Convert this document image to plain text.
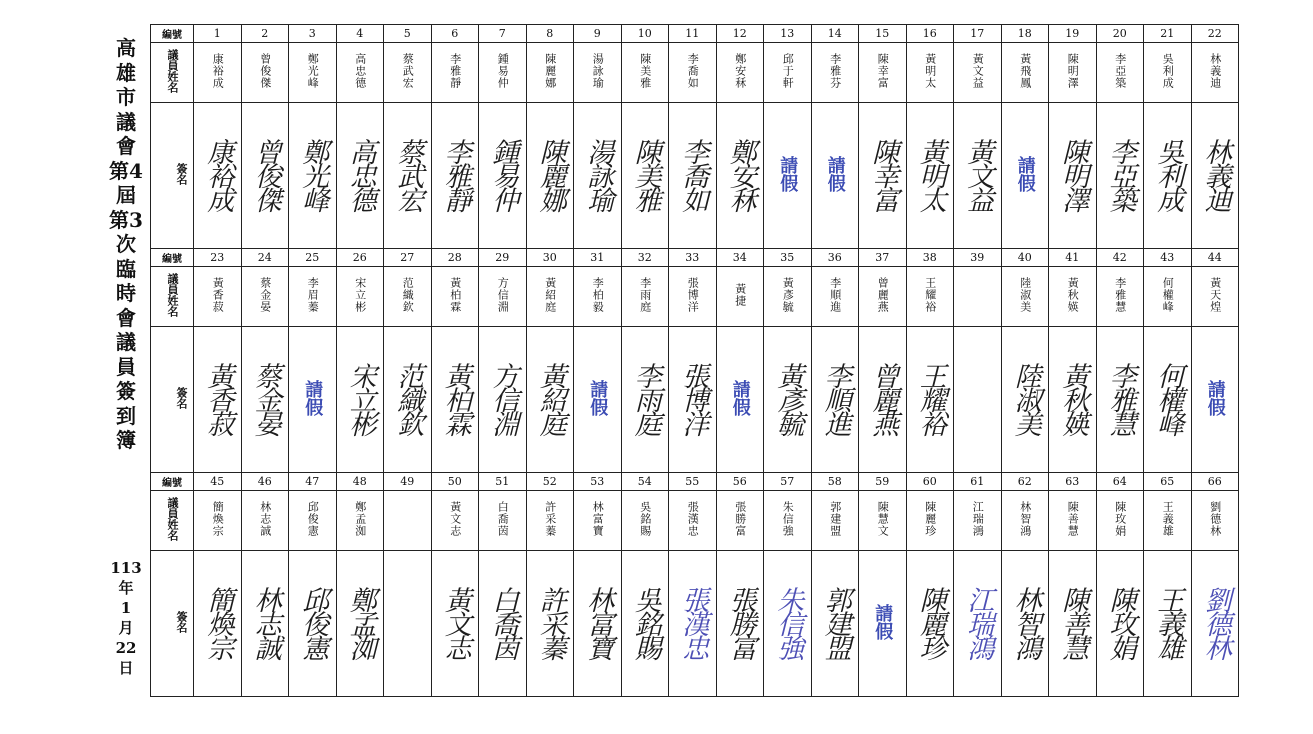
高雄市議會第4屆第3次臨時會議員簽到簿
113
年
1
月
22
日
編號	1	2	3	4	5	6	7	8	9	10	11	12	13	14	15	16	17	18	19	20	21	22
議員姓名	康裕成	曾俊傑	鄭光峰	高忠德	蔡武宏	李雅靜	鍾易仲	陳麗娜	湯詠瑜	陳美雅	李喬如	鄭安秝	邱于軒	李雅芬	陳幸富	黃明太	黃文益	黃飛鳳	陳明澤	李亞築	吳利成	林義迪
簽名	康裕成	曾俊傑	鄭光峰	高忠德	蔡武宏	李雅靜	鍾易仲	陳麗娜	湯詠瑜	陳美雅	李喬如	鄭安秝	請假	請假	陳幸富	黃明太	黃文益	請假	陳明澤	李亞築	吳利成	林義迪
編號	23	24	25	26	27	28	29	30	31	32	33	34	35	36	37	38	39	40	41	42	43	44
議員姓名	黃香菽	蔡金晏	李眉蓁	宋立彬	范織欽	黃柏霖	方信淵	黃紹庭	李柏毅	李雨庭	張博洋	黃捷	黃彥毓	李順進	曾麗燕	王耀裕		陸淑美	黃秋媖	李雅慧	何權峰	黃天煌
簽名	黃香菽	蔡金晏	請假	宋立彬	范織欽	黃柏霖	方信淵	黃紹庭	請假	李雨庭	張博洋	請假	黃彥毓	李順進	曾麗燕	王耀裕		陸淑美	黃秋媖	李雅慧	何權峰	請假
編號	45	46	47	48	49	50	51	52	53	54	55	56	57	58	59	60	61	62	63	64	65	66
議員姓名	簡煥宗	林志誠	邱俊憲	鄭孟洳		黃文志	白喬茵	許采蓁	林富寶	吳銘賜	張漢忠	張勝富	朱信強	郭建盟	陳慧文	陳麗珍	江瑞鴻	林智鴻	陳善慧	陳玫娟	王義雄	劉德林
簽名	簡煥宗	林志誠	邱俊憲	鄭孟洳		黃文志	白喬茵	許采蓁	林富寶	吳銘賜	張漢忠	張勝富	朱信強	郭建盟	請假	陳麗珍	江瑞鴻	林智鴻	陳善慧	陳玫娟	王義雄	劉德林
